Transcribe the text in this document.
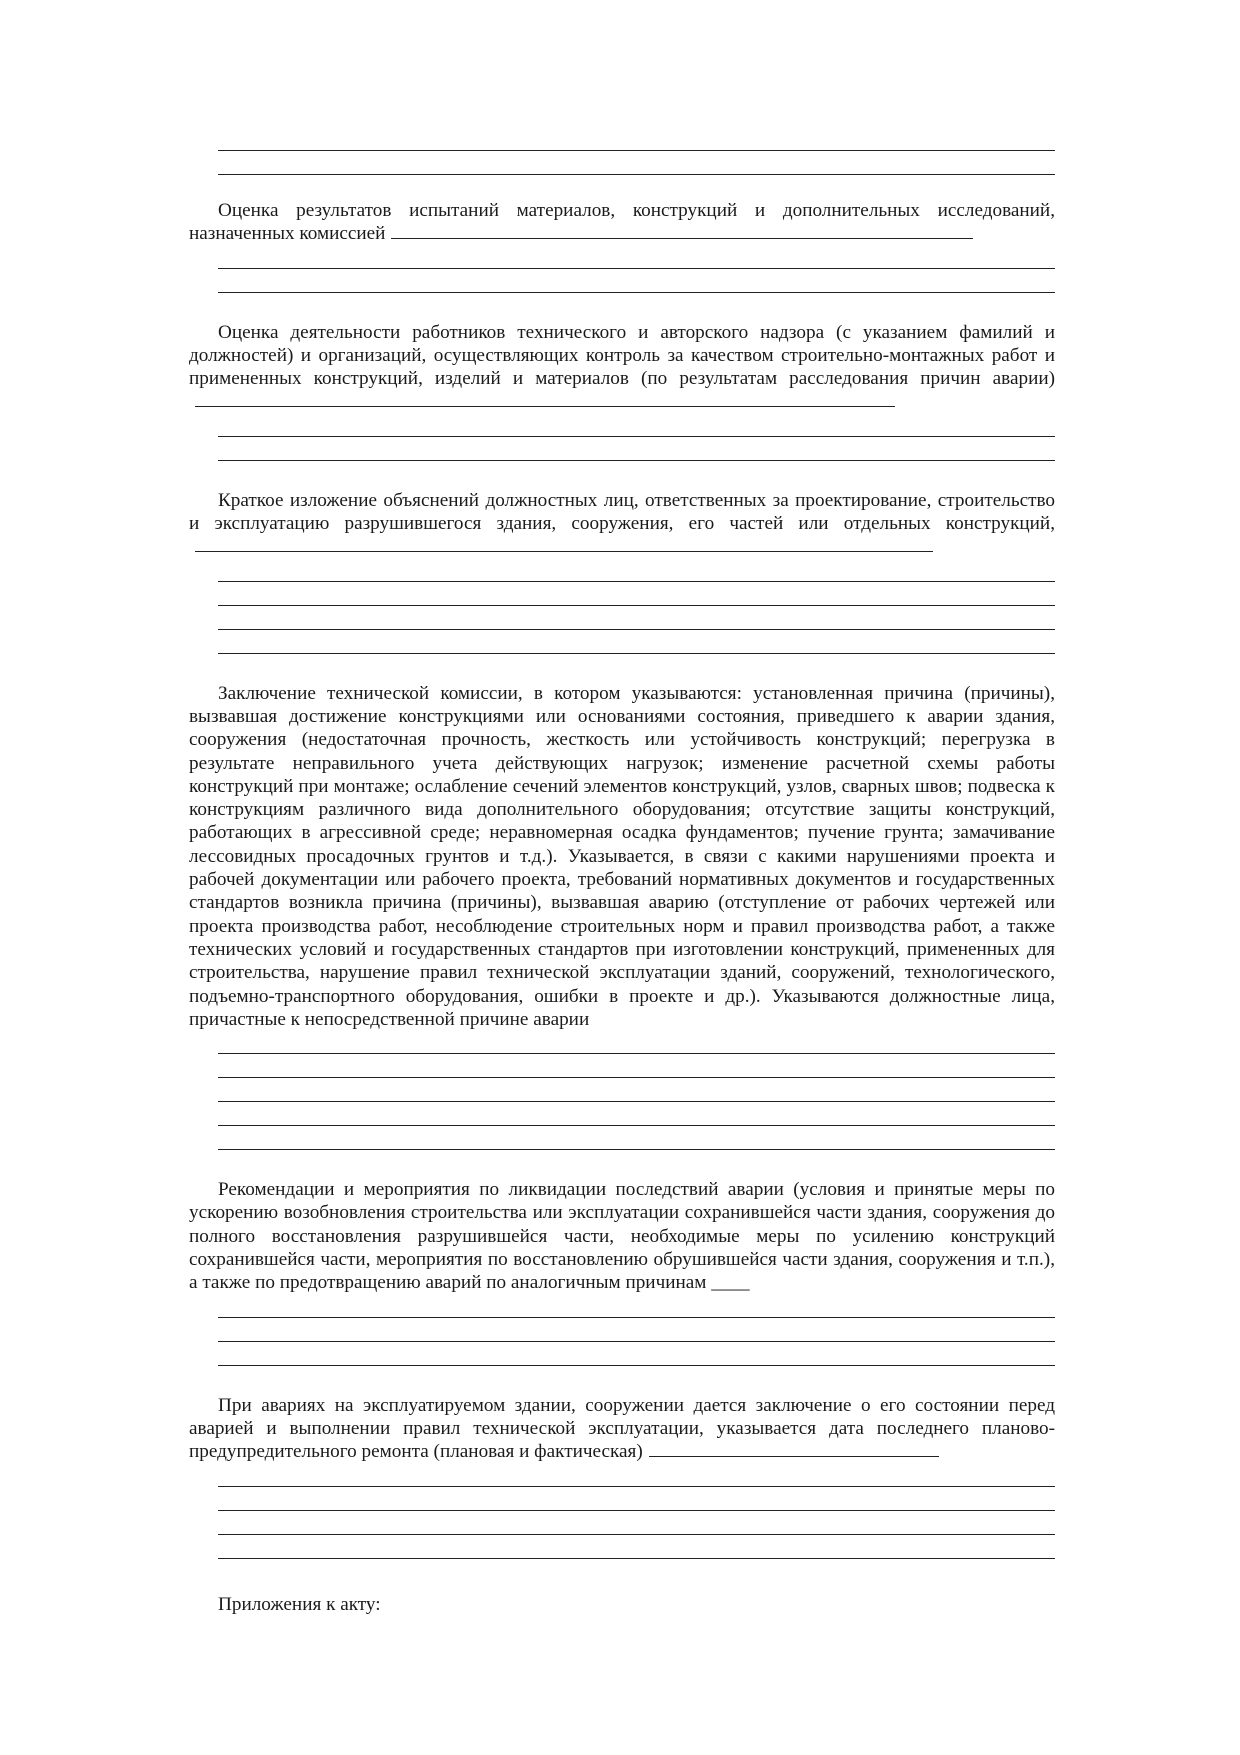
Оценка результатов испытаний материалов, конструкций и дополнительных исследований, назначенных комиссией

Оценка деятельности работников технического и авторского надзора (с указанием фамилий и должностей) и организаций, осуществляющих контроль за качеством строительно-монтажных работ и примененных конструкций, изделий и материалов (по результатам расследования причин аварии)

Краткое изложение объяснений должностных лиц, ответственных за проектирование, строительство и эксплуатацию разрушившегося здания, сооружения, его частей или отдельных конструкций,

Заключение технической комиссии, в котором указываются: установленная причина (причины), вызвавшая достижение конструкциями или основаниями состояния, приведшего к аварии здания, сооружения (недостаточная прочность, жесткость или устойчивость конструкций; перегрузка в результате неправильного учета действующих нагрузок; изменение расчетной схемы работы конструкций при монтаже; ослабление сечений элементов конструкций, узлов, сварных швов; подвеска к конструкциям различного вида дополнительного оборудования; отсутствие защиты конструкций, работающих в агрессивной среде; неравномерная осадка фундаментов; пучение грунта; замачивание лессовидных просадочных грунтов и т.д.). Указывается, в связи с какими нарушениями проекта и рабочей документации или рабочего проекта, требований нормативных документов и государственных стандартов возникла причина (причины), вызвавшая аварию (отступление от рабочих чертежей или проекта производства работ, несоблюдение строительных норм и правил производства работ, а также технических условий и государственных стандартов при изготовлении конструкций, примененных для строительства, нарушение правил технической эксплуатации зданий, сооружений, технологического, подъемно-транспортного оборудования, ошибки в проекте и др.). Указываются должностные лица, причастные к непосредственной причине аварии

Рекомендации и мероприятия по ликвидации последствий аварии (условия и принятые меры по ускорению возобновления строительства или эксплуатации сохранившейся части здания, сооружения до полного восстановления разрушившейся части, необходимые меры по усилению конструкций сохранившейся части, мероприятия по восстановлению обрушившейся части здания, сооружения и т.п.), а также по предотвращению аварий по аналогичным причинам ____

При авариях на эксплуатируемом здании, сооружении дается заключение о его состоянии перед аварией и выполнении правил технической эксплуатации, указывается дата последнего планово-предупредительного ремонта (плановая и фактическая)

Приложения к акту:
